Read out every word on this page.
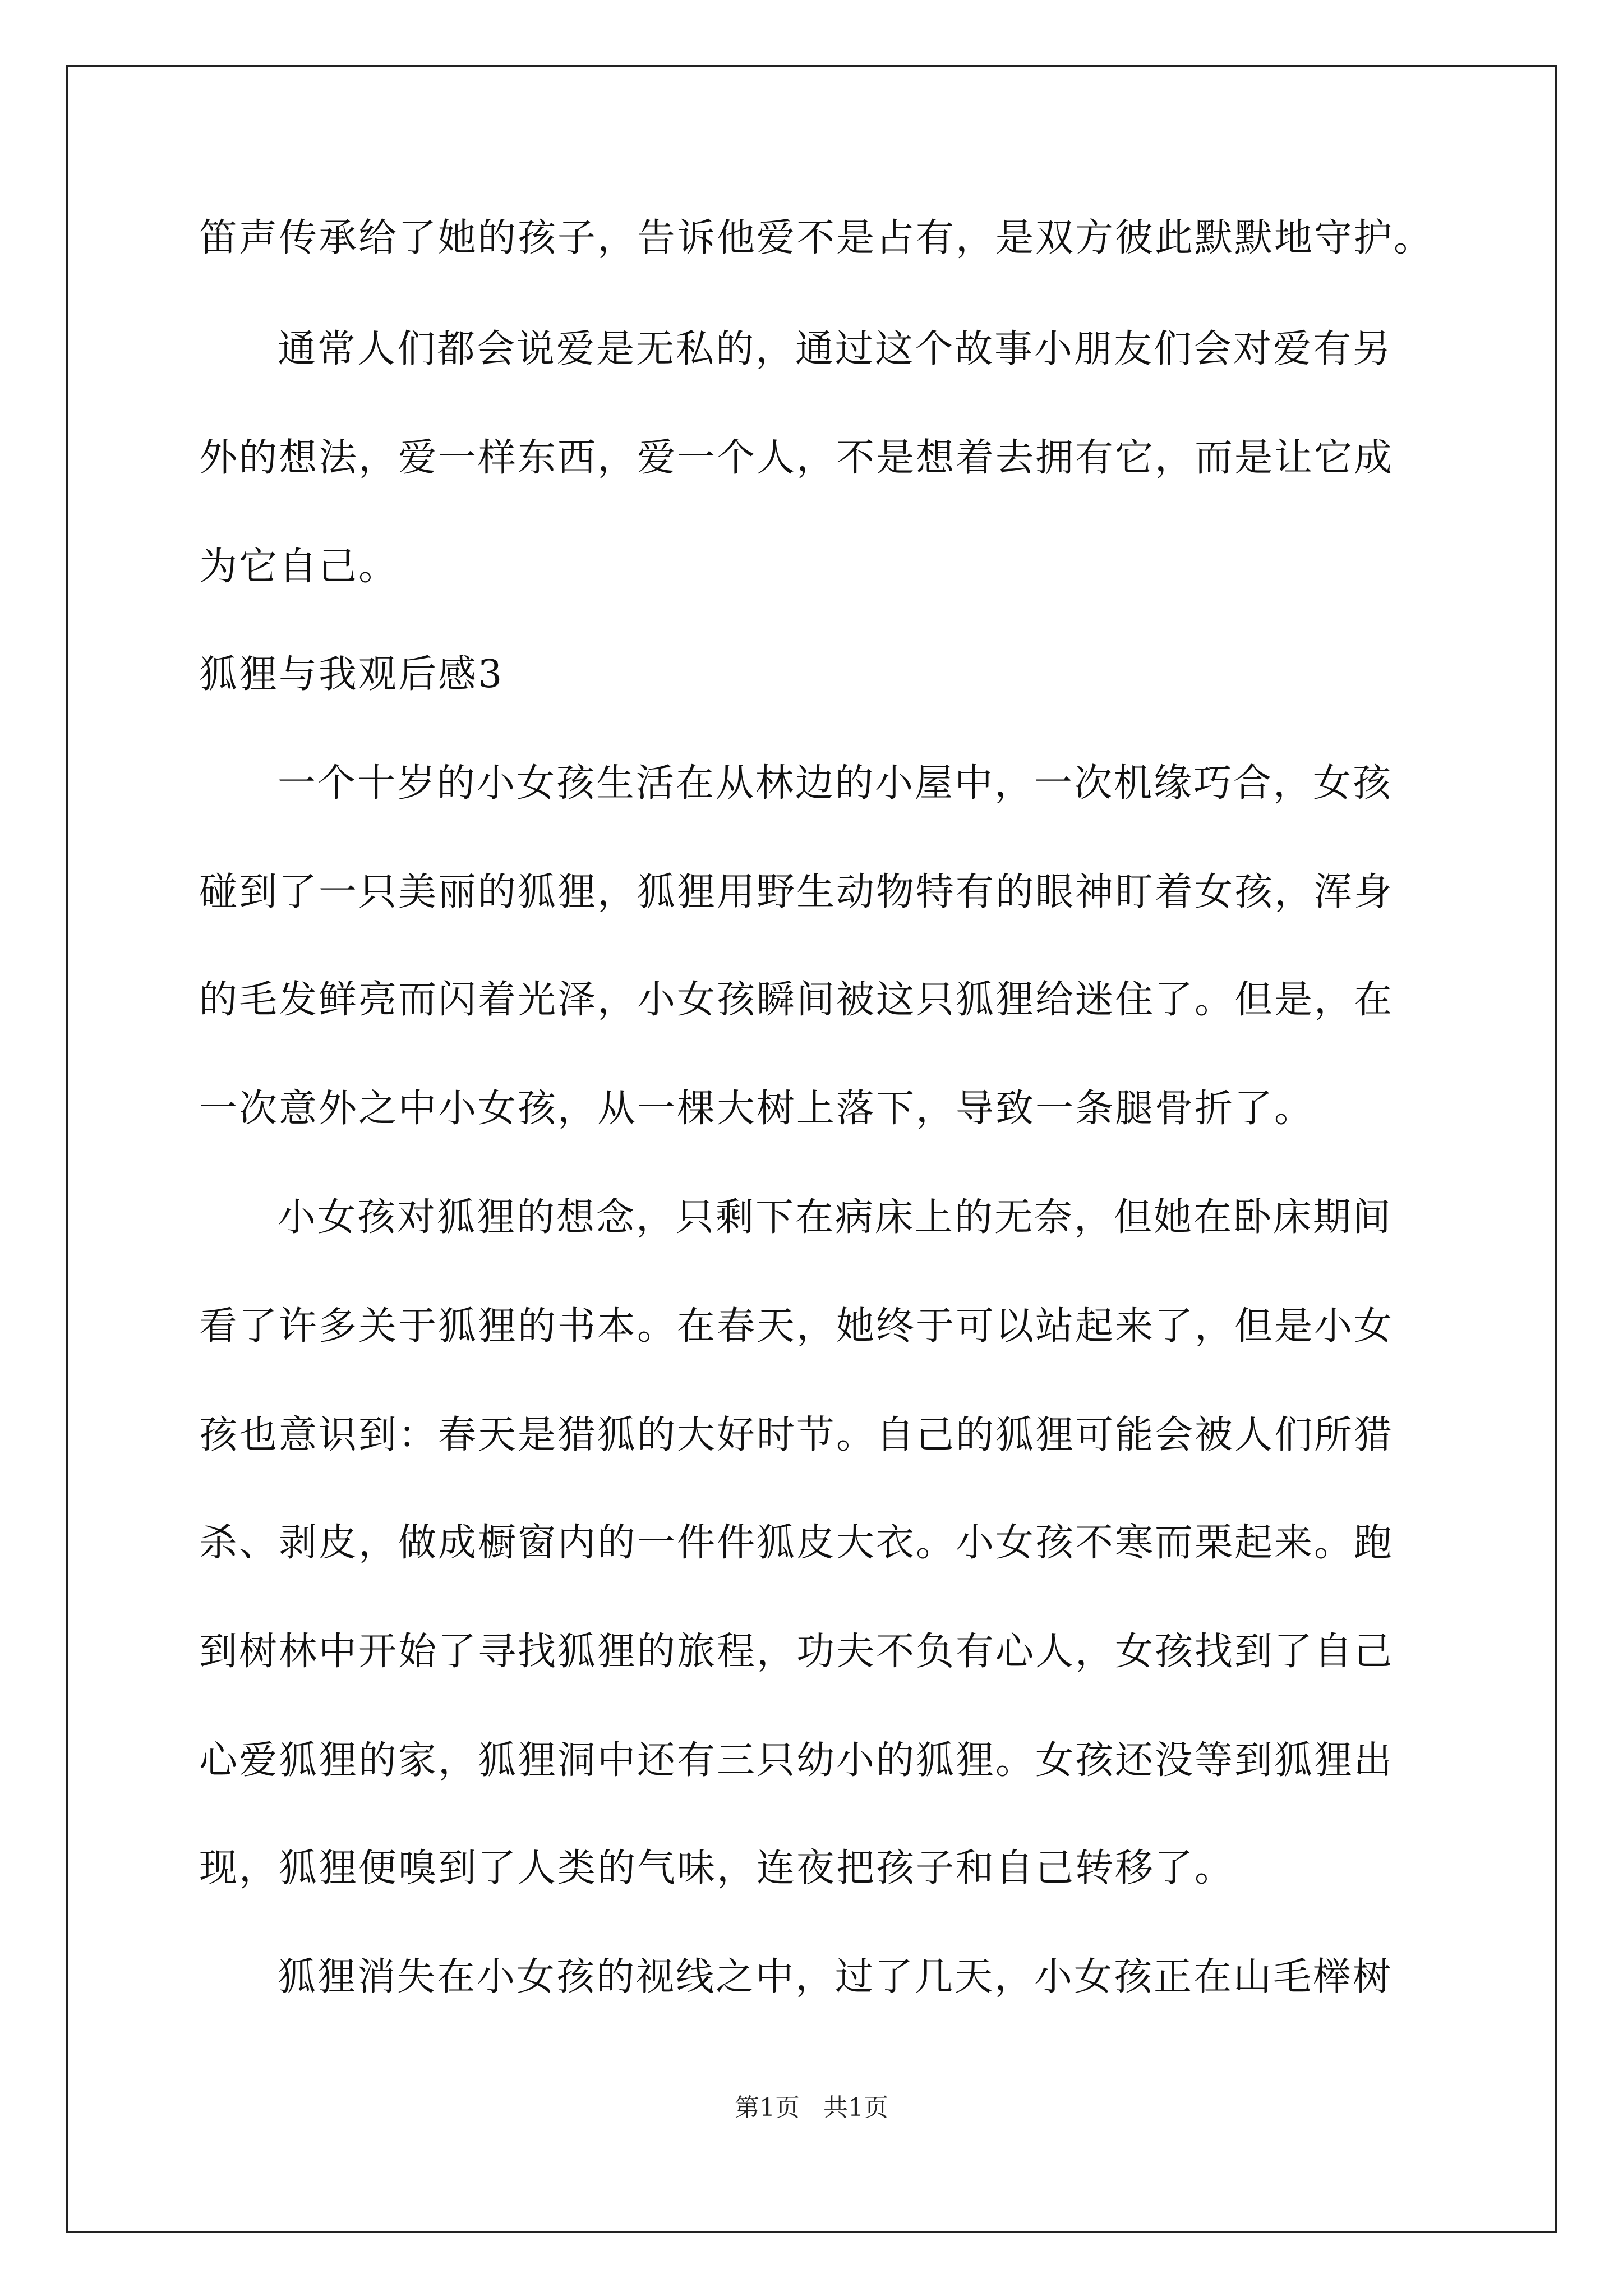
笛声传承给了她的孩子，告诉他爱不是占有，是双方彼此默默地守护。
通常人们都会说爱是无私的，通过这个故事小朋友们会对爱有另
外的想法，爱一样东西，爱一个人，不是想着去拥有它，而是让它成
为它自己。
狐狸与我观后感3
一个十岁的小女孩生活在从林边的小屋中，一次机缘巧合，女孩
碰到了一只美丽的狐狸，狐狸用野生动物特有的眼神盯着女孩，浑身
的毛发鲜亮而闪着光泽，小女孩瞬间被这只狐狸给迷住了。但是，在
一次意外之中小女孩，从一棵大树上落下，导致一条腿骨折了。
小女孩对狐狸的想念，只剩下在病床上的无奈，但她在卧床期间
看了许多关于狐狸的书本。在春天，她终于可以站起来了，但是小女
孩也意识到：春天是猎狐的大好时节。自己的狐狸可能会被人们所猎
杀、剥皮，做成橱窗内的一件件狐皮大衣。小女孩不寒而栗起来。跑
到树林中开始了寻找狐狸的旅程，功夫不负有心人，女孩找到了自己
心爱狐狸的家，狐狸洞中还有三只幼小的狐狸。女孩还没等到狐狸出
现，狐狸便嗅到了人类的气味，连夜把孩子和自己转移了。
狐狸消失在小女孩的视线之中，过了几天，小女孩正在山毛榉树
第1页 共1页
